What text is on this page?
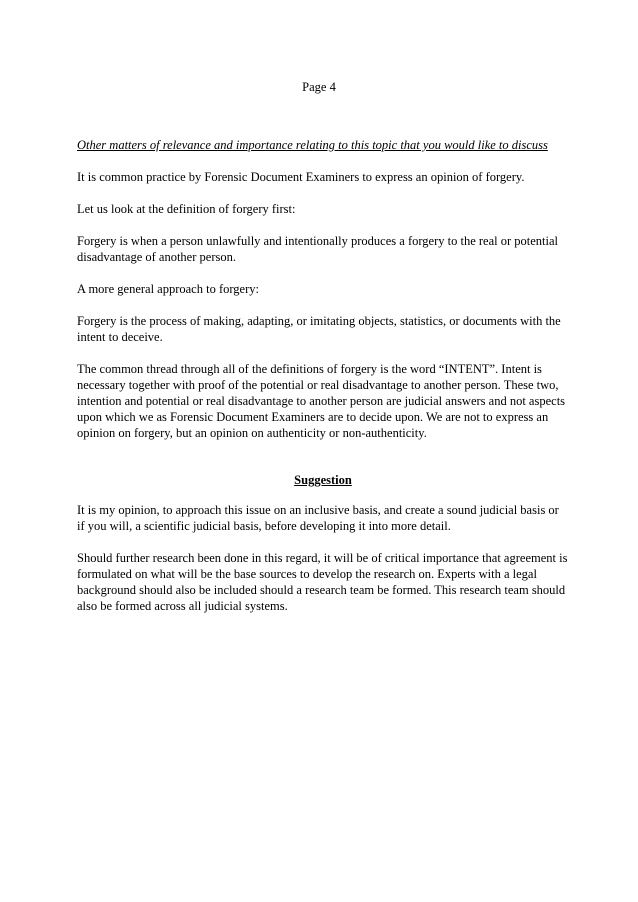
Page 4

Other matters of relevance and importance relating to this topic that you would like to discuss

It is common practice by Forensic Document Examiners to express an opinion of forgery.

Let us look at the definition of forgery first:

Forgery is when a person unlawfully and intentionally produces a forgery to the real or potential disadvantage of another person.

A more general approach to forgery:

Forgery is the process of making, adapting, or imitating objects, statistics, or documents with the intent to deceive.

The common thread through all of the definitions of forgery is the word “INTENT”. Intent is necessary together with proof of the potential or real disadvantage to another person. These two, intention and potential or real disadvantage to another person are judicial answers and not aspects upon which we as Forensic Document Examiners are to decide upon. We are not to express an opinion on forgery, but an opinion on authenticity or non-authenticity.

Suggestion

It is my opinion, to approach this issue on an inclusive basis, and create a sound judicial basis or if you will, a scientific judicial basis, before developing it into more detail.

Should further research been done in this regard, it will be of critical importance that agreement is formulated on what will be the base sources to develop the research on. Experts with a legal background should also be included should a research team be formed. This research team should also be formed across all judicial systems.
